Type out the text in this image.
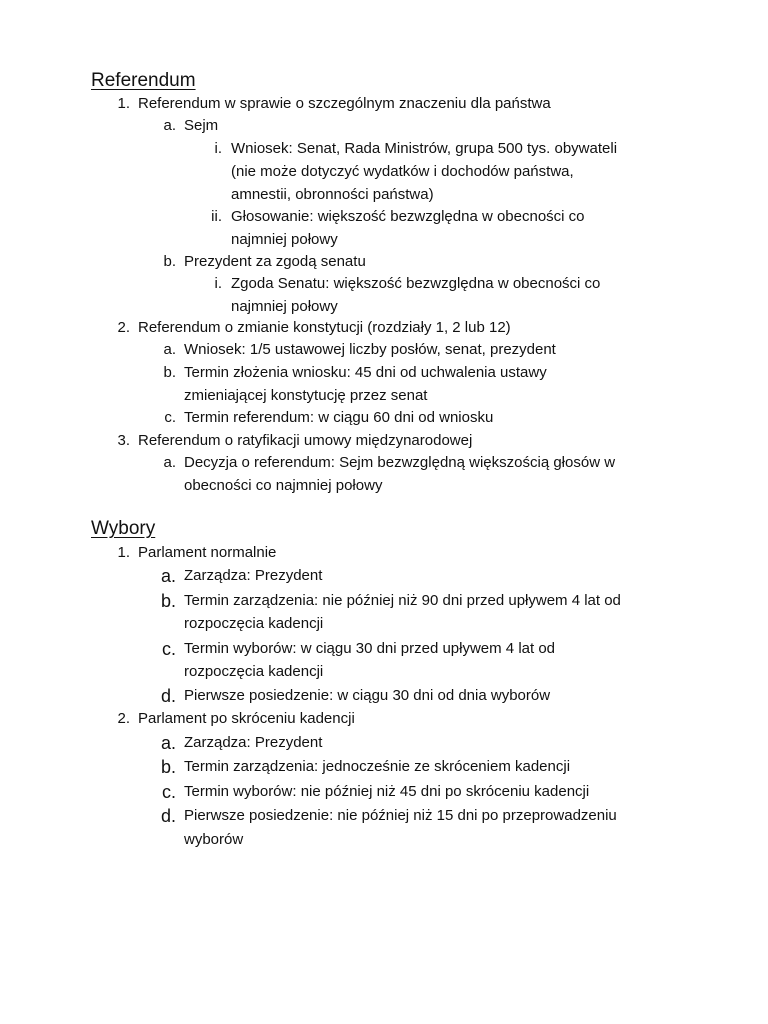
Referendum
1. Referendum w sprawie o szczególnym znaczeniu dla państwa
a. Sejm
i. Wniosek: Senat, Rada Ministrów, grupa 500 tys. obywateli
(nie może dotyczyć wydatków i dochodów państwa,
amnestii, obronności państwa)
ii. Głosowanie: większość bezwzględna w obecności co
najmniej połowy
b. Prezydent za zgodą senatu
i. Zgoda Senatu: większość bezwzględna w obecności co
najmniej połowy
2. Referendum o zmianie konstytucji (rozdziały 1, 2 lub 12)
a. Wniosek: 1/5 ustawowej liczby posłów, senat, prezydent
b. Termin złożenia wniosku: 45 dni od uchwalenia ustawy
zmieniającej konstytucję przez senat
c. Termin referendum: w ciągu 60 dni od wniosku
3. Referendum o ratyfikacji umowy międzynarodowej
a. Decyzja o referendum: Sejm bezwzględną większością głosów w
obecności co najmniej połowy
Wybory
1. Parlament normalnie
a. Zarządza: Prezydent
b. Termin zarządzenia: nie później niż 90 dni przed upływem 4 lat od
rozpoczęcia kadencji
c. Termin wyborów: w ciągu 30 dni przed upływem 4 lat od
rozpoczęcia kadencji
d. Pierwsze posiedzenie: w ciągu 30 dni od dnia wyborów
2. Parlament po skróceniu kadencji
a. Zarządza: Prezydent
b. Termin zarządzenia: jednocześnie ze skróceniem kadencji
c. Termin wyborów: nie później niż 45 dni po skróceniu kadencji
d. Pierwsze posiedzenie: nie później niż 15 dni po przeprowadzeniu
wyborów
